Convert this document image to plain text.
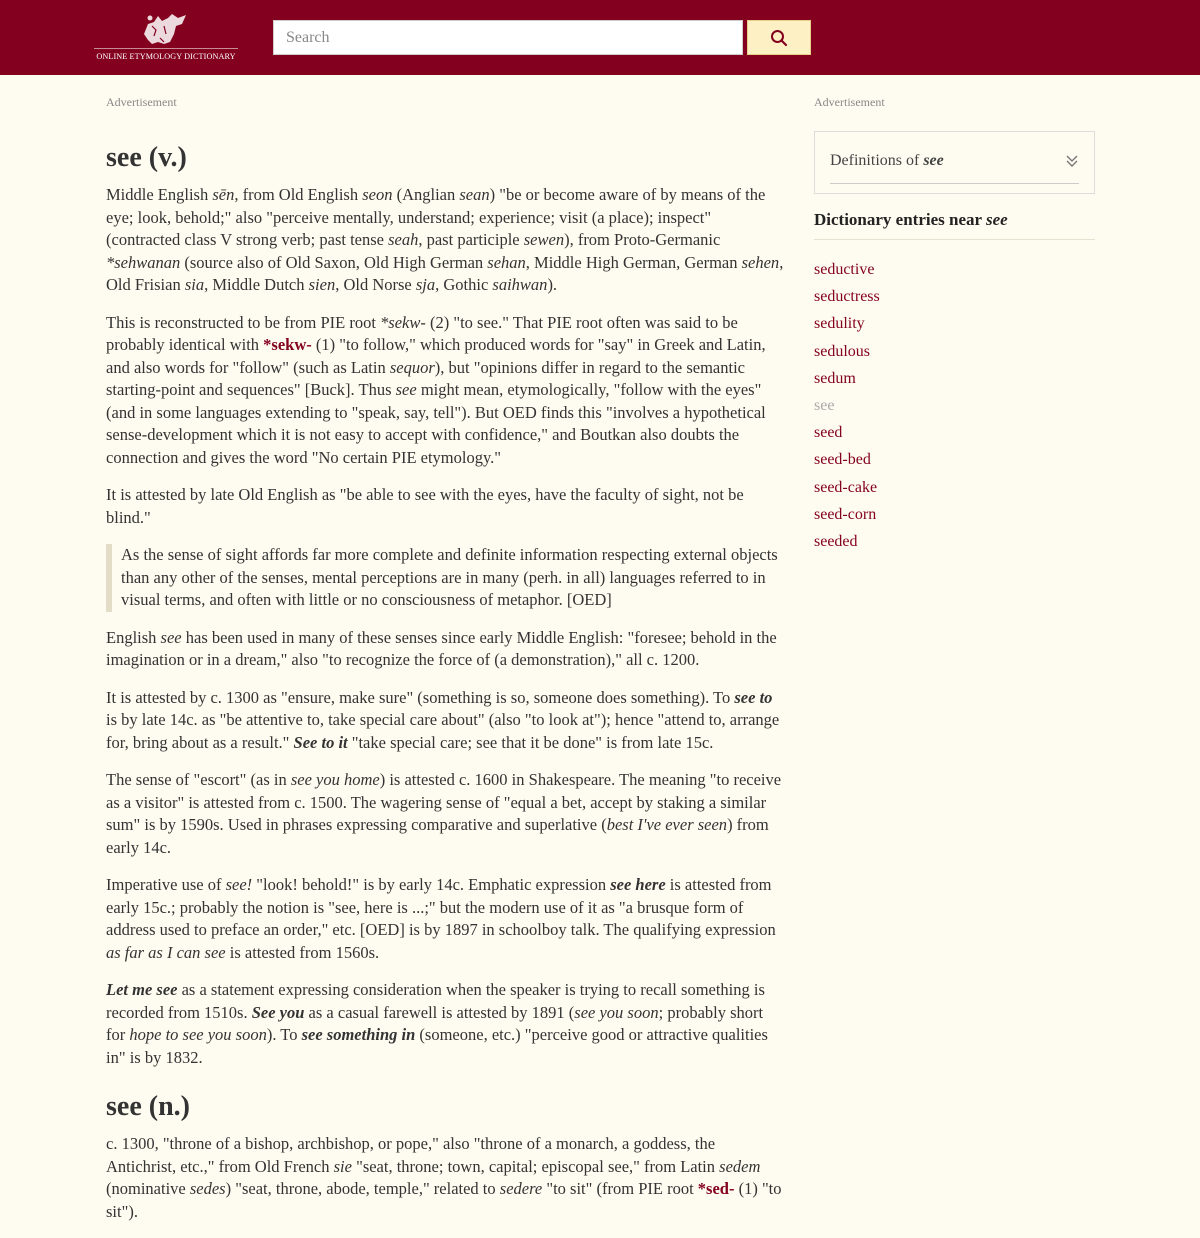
ONLINE ETYMOLOGY DICTIONARY
Search
Advertisement	Advertisement
see (v.)
Middle English sēn, from Old English seon (Anglian sean) "be or become aware of by means of the eye; look, behold;" also "perceive mentally, understand; experience; visit (a place); inspect" (contracted class V strong verb; past tense seah, past participle sewen), from Proto-Germanic *sehwanan (source also of Old Saxon, Old High German sehan, Middle High German, German sehen, Old Frisian sia, Middle Dutch sien, Old Norse sja, Gothic saihwan).
This is reconstructed to be from PIE root *sekw- (2) "to see." That PIE root often was said to be probably identical with *sekw- (1) "to follow," which produced words for "say" in Greek and Latin, and also words for "follow" (such as Latin sequor), but "opinions differ in regard to the semantic starting-point and sequences" [Buck]. Thus see might mean, etymologically, "follow with the eyes" (and in some languages extending to "speak, say, tell"). But OED finds this "involves a hypothetical sense-development which it is not easy to accept with confidence," and Boutkan also doubts the connection and gives the word "No certain PIE etymology."
It is attested by late Old English as "be able to see with the eyes, have the faculty of sight, not be blind."
As the sense of sight affords far more complete and definite information respecting external objects than any other of the senses, mental perceptions are in many (perh. in all) languages referred to in visual terms, and often with little or no consciousness of metaphor. [OED]
English see has been used in many of these senses since early Middle English: "foresee; behold in the imagination or in a dream," also "to recognize the force of (a demonstration)," all c. 1200.
It is attested by c. 1300 as "ensure, make sure" (something is so, someone does something). To see to is by late 14c. as "be attentive to, take special care about" (also "to look at"); hence "attend to, arrange for, bring about as a result." See to it "take special care; see that it be done" is from late 15c.
The sense of "escort" (as in see you home) is attested c. 1600 in Shakespeare. The meaning "to receive as a visitor" is attested from c. 1500. The wagering sense of "equal a bet, accept by staking a similar sum" is by 1590s. Used in phrases expressing comparative and superlative (best I've ever seen) from early 14c.
Imperative use of see! "look! behold!" is by early 14c. Emphatic expression see here is attested from early 15c.; probably the notion is "see, here is ...;" but the modern use of it as "a brusque form of address used to preface an order," etc. [OED] is by 1897 in schoolboy talk. The qualifying expression as far as I can see is attested from 1560s.
Let me see as a statement expressing consideration when the speaker is trying to recall something is recorded from 1510s. See you as a casual farewell is attested by 1891 (see you soon; probably short for hope to see you soon). To see something in (someone, etc.) "perceive good or attractive qualities in" is by 1832.
see (n.)
c. 1300, "throne of a bishop, archbishop, or pope," also "throne of a monarch, a goddess, the Antichrist, etc.," from Old French sie "seat, throne; town, capital; episcopal see," from Latin sedem (nominative sedes) "seat, throne, abode, temple," related to sedere "to sit" (from PIE root *sed- (1) "to sit").
Definitions of see
Dictionary entries near see
seductive
seductress
sedulity
sedulous
sedum
see
seed
seed-bed
seed-cake
seed-corn
seeded
